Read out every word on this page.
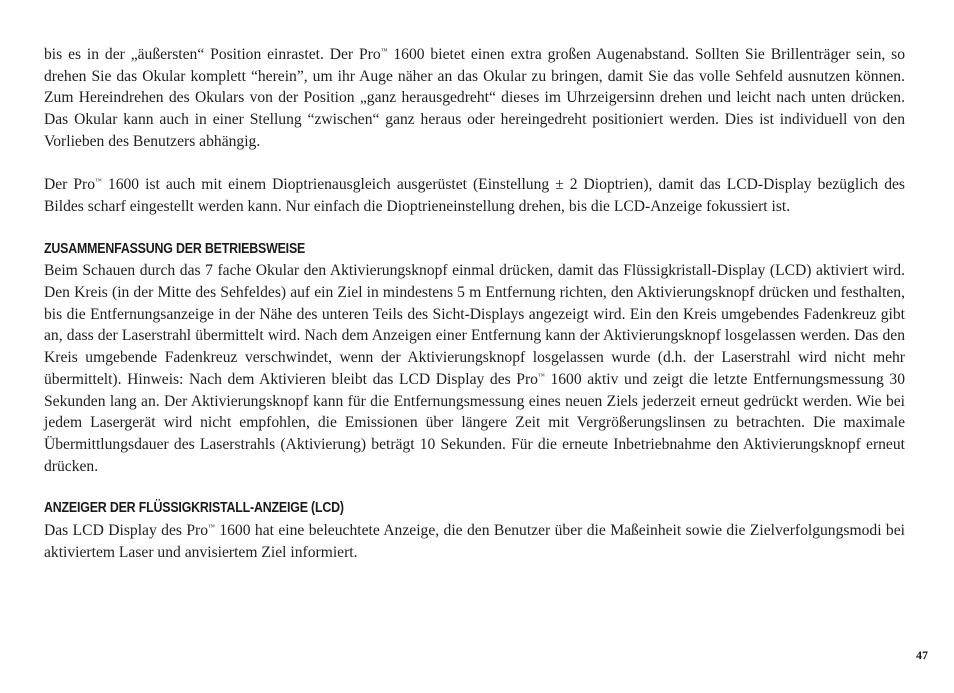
bis es in der „äußersten“ Position einrastet. Der Pro™ 1600 bietet einen extra großen Augenabstand. Sollten Sie Brillenträger sein, so drehen Sie das Okular komplett “herein”, um ihr Auge näher an das Okular zu bringen, damit Sie das volle Sehfeld ausnutzen können. Zum Hereindrehen des Okulars von der Position „ganz herausgedreht“ dieses im Uhrzeigersinn drehen und leicht nach unten drücken. Das Okular kann auch in einer Stellung “zwischen“ ganz heraus oder hereingedreht positioniert werden. Dies ist individuell von den Vorlieben des Benutzers abhängig.

Der Pro™ 1600 ist auch mit einem Dioptrienausgleich ausgerüstet (Einstellung ± 2 Dioptrien), damit das LCD-Display bezüglich des Bildes scharf eingestellt werden kann. Nur einfach die Dioptrieneinstellung drehen, bis die LCD-Anzeige fokussiert ist.

ZUSAMMENFASSUNG DER BETRIEBSWEISE

Beim Schauen durch das 7 fache Okular den Aktivierungsknopf einmal drücken, damit das Flüssigkristall-Display (LCD) aktiviert wird. Den Kreis (in der Mitte des Sehfeldes) auf ein Ziel in mindestens 5 m Entfernung richten, den Aktivierungsknopf drücken und festhalten, bis die Entfernungsanzeige in der Nähe des unteren Teils des Sicht-Displays angezeigt wird. Ein den Kreis umgebendes Fadenkreuz gibt an, dass der Laserstrahl übermittelt wird. Nach dem Anzeigen einer Entfernung kann der Aktivierungsknopf losgelassen werden. Das den Kreis umgebende Fadenkreuz verschwindet, wenn der Aktivierungsknopf losgelassen wurde (d.h. der Laserstrahl wird nicht mehr übermittelt). Hinweis: Nach dem Aktivieren bleibt das LCD Display des Pro™ 1600 aktiv und zeigt die letzte Entfernungsmessung 30 Sekunden lang an. Der Aktivierungsknopf kann für die Entfernungsmessung eines neuen Ziels jederzeit erneut gedrückt werden. Wie bei jedem Lasergerät wird nicht empfohlen, die Emissionen über längere Zeit mit Vergrößerungslinsen zu betrachten. Die maximale Übermittlungsdauer des Laserstrahls (Aktivierung) beträgt 10 Sekunden. Für die erneute Inbetriebnahme den Aktivierungsknopf erneut drücken.

ANZEIGER DER FLÜSSIGKRISTALL-ANZEIGE (LCD)

Das LCD Display des Pro™ 1600 hat eine beleuchtete Anzeige, die den Benutzer über die Maßeinheit sowie die Zielverfolgungsmodi bei aktiviertem Laser und anvisiertem Ziel informiert.

47
